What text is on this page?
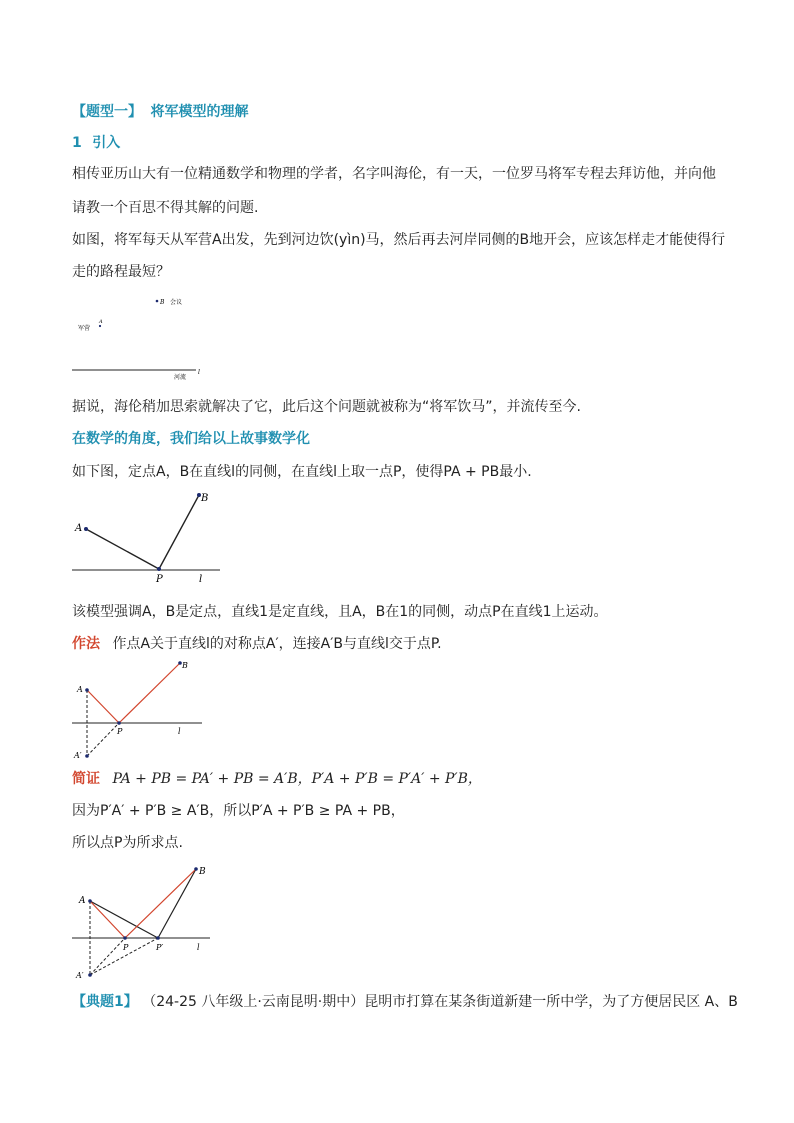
【题型一】 将军模型的理解
1 引入
相传亚历山大有一位精通数学和物理的学者，名字叫海伦，有一天，一位罗马将军专程去拜访他，并向他
请教一个百思不得其解的问题.
如图，将军每天从军营A出发，先到河边饮(yìn)马，然后再去河岸同侧的B地开会，应该怎样走才能使得行
走的路程最短？
B 会议
A
军营
l
河流
据说，海伦稍加思索就解决了它，此后这个问题就被称为“将军饮马”，并流传至今.
在数学的角度，我们给以上故事数学化
如下图，定点A，B在直线l的同侧，在直线l上取一点P，使得PA + PB最小.
A
B
P	l
该模型强调A，B是定点，直线1是定直线，且A，B在1的同侧，动点P在直线1上运动。
作法 作点A关于直线l的对称点A′，连接A′B与直线l交于点P.
A
B
P	l
A′
简证 PA + PB = PA′ + PB = A′B，P′A + P′B = P′A′ + P′B，
因为P′A′ + P′B ≥ A′B，所以P′A + P′B ≥ PA + PB，
所以点P为所求点.
A
B
P	P′	l
A′
【典题1】 （24-25 八年级上·云南昆明·期中）昆明市打算在某条街道新建一所中学，为了方便居民区 A、B
